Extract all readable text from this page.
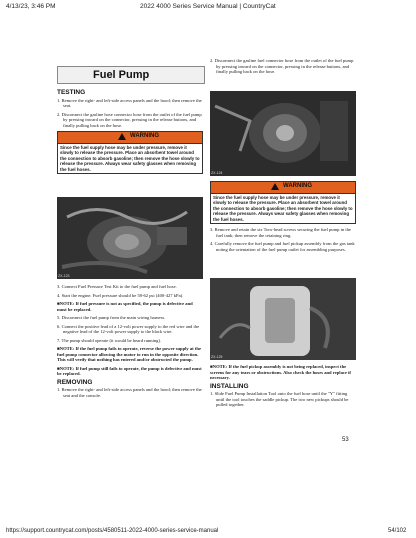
4/13/23, 3:46 PM	2022 4000 Series Service Manual | CountryCat
https://support.countrycat.com/posts/4580511-2022-4000-series-service-manual	54/102
Fuel Pump
TESTING
1. Remove the right- and left-side access panels and the hood; then remove the seat.
2. Disconnect the gasline hose connector hose from the outlet of the fuel pump by pressing inward on the connector, pressing in the release buttons, and finally pulling back on the hose.
WARNING
Since the fuel supply hose may be under pressure, remove it slowly to release the pressure. Place an absorbent towel around the connection to absorb gasoline; then remove the hose slowly to release the pressure. Always wear safety glasses when removing the fuel hoses.
ZX-123
3. Connect Fuel Pressure Test Kit to the fuel pump and fuel hose.
4. Start the engine. Fuel pressure should be 58-62 psi (400-427 kPa).
■NOTE: If fuel pressure is not as specified, the pump is defective and must be replaced.
5. Disconnect the fuel pump from the main wiring harness.
6. Connect the positive lead of a 12-volt power supply to the red wire and the negative lead of the 12-volt power supply to the black wire.
7. The pump should operate (it would be heard running).
■NOTE: If the fuel pump fails to operate, reverse the power supply at the fuel pump connector allowing the motor to run in the opposite direction. This will verify that nothing has entered and/or obstructed the pump.
■NOTE: If fuel pump still fails to operate, the pump is defective and must be replaced.
REMOVING
1. Remove the right- and left-side access panels and the hood; then remove the seat and the console.
2. Disconnect the gasline fuel connector hose from the outlet of the fuel pump by pressing inward on the connector, pressing in the release buttons, and finally pulling back on the hose.
ZX-124
WARNING
Since the fuel supply hose may be under pressure, remove it slowly to release the pressure. Place an absorbent towel around the connection to absorb gasoline; then remove the hose slowly to release the pressure. Always wear safety glasses when removing the fuel hoses.
3. Remove and retain the six Torx-head screws securing the fuel pump in the fuel tank; then remove the retaining ring.
4. Carefully remove the fuel pump and fuel pickup assembly from the gas tank noting the orientation of the fuel pump outlet for assembling purposes.
ZX-125
■NOTE: If the fuel pickup assembly is not being replaced, inspect the screens for any tears or obstructions. Also check the hoses and replace if necessary.
INSTALLING
1. Slide Fuel Pump Installation Tool onto the fuel hose until the "Y" fitting until the tool touches the saddle pickup. The two new pickups should be pulled together.
53
